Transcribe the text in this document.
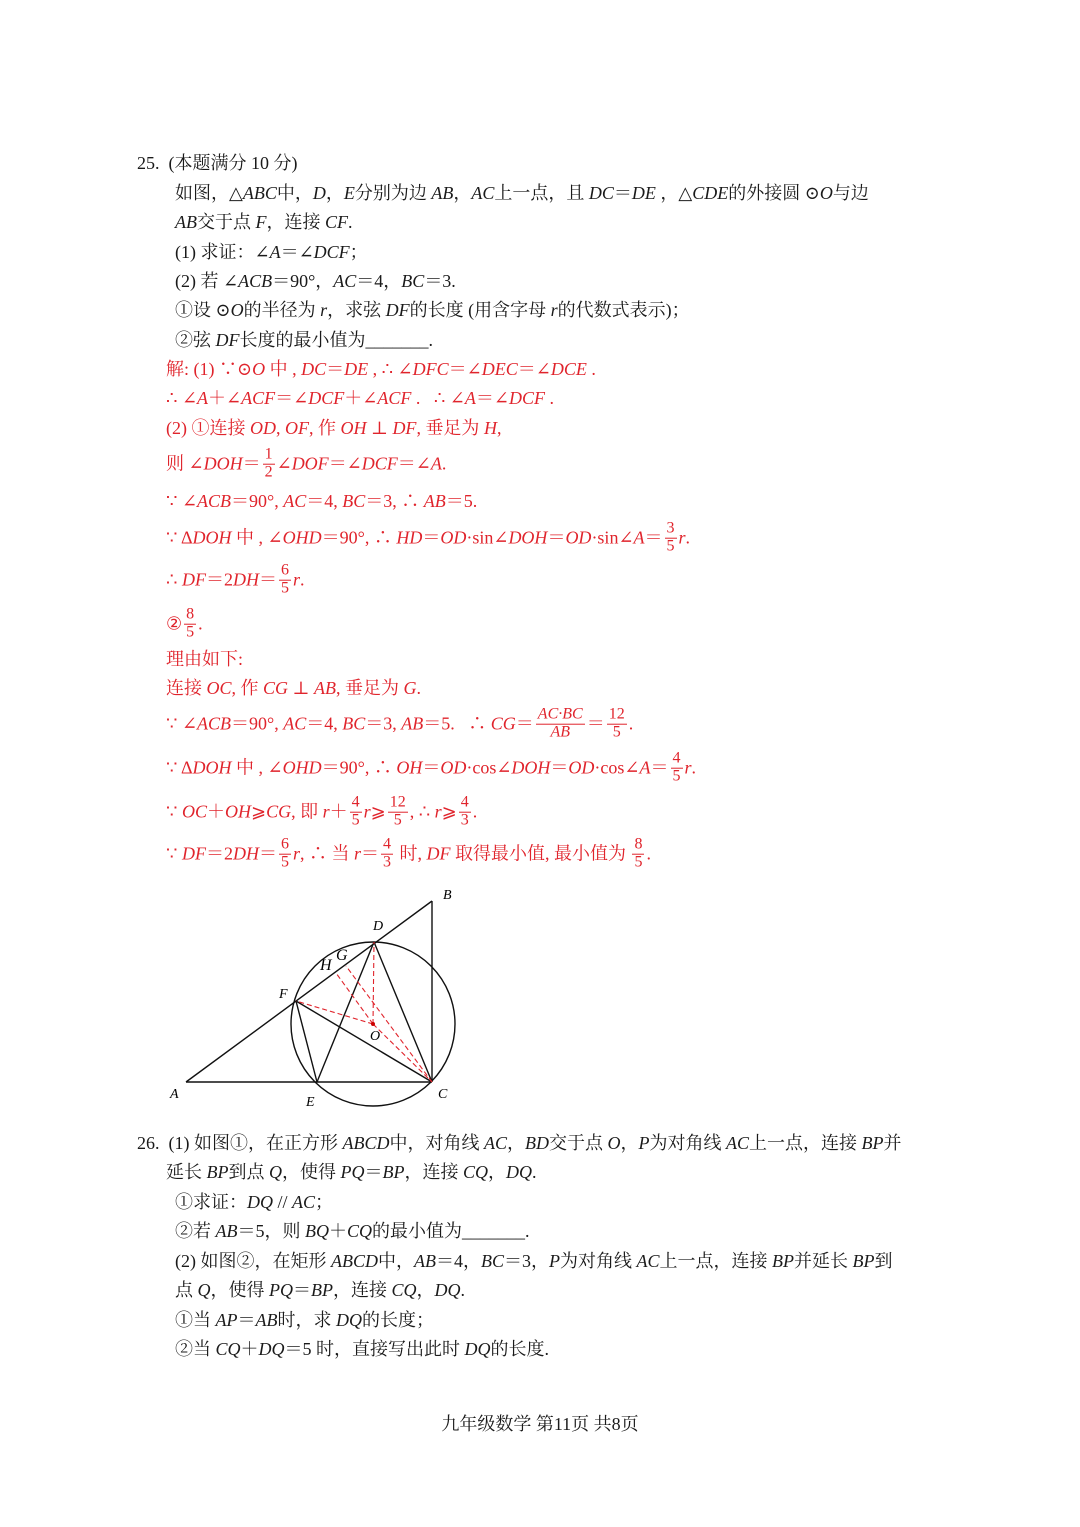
25. (本题满分 10 分)
如图，△ ABC 中， D ， E 分别为边 AB ， AC 上一点，且 DC ＝ DE ，△ CDE 的外接圆 ⊙ O 与边
AB 交于点 F ，连接 CF .
(1) 求证：∠ A ＝∠ DCF ；
(2) 若 ∠ ACB ＝90°， AC ＝4， BC ＝3.
①设 ⊙ O 的半径为 r ，求弦 DF 的长度 (用含字母 r 的代数式表示)；
②弦 DF 长度的最小值为 _______ .
解: (1) ∵⊙ O 中 , DC ＝ DE , ∴ ∠ DFC ＝∠ DEC ＝∠ DCE .
∴ ∠ A ＋∠ ACF ＝∠ DCF ＋∠ ACF .   ∴ ∠ A ＝∠ DCF .
(2) ①连接 OD , OF , 作 OH ⊥ DF , 垂足为 H ,
则 ∠ DOH ＝ $\frac{1}{2}$ ∠ DOF ＝∠ DCF ＝∠ A .
∵ ∠ ACB ＝90°, AC ＝4, BC ＝3, ∴ AB ＝5.
∵ Δ DOH 中 , ∠ OHD ＝90°, ∴ HD ＝ OD ·sin∠ DOH ＝ OD ·sin∠ $A = \frac{3}{5}$ r .
∴ DF ＝2 DH ＝ $\frac{6}{5}$ r .
② $\frac{8}{5}$ .
理由如下:
连接 OC , 作 CG ⊥ AB , 垂足为 G .
∵ ∠ ACB ＝90°, AC ＝4, BC ＝3, AB ＝5.   ∴ CG ＝ $\frac{AC\cdot BC}{AB} = \frac{12}{5}$ .
∵ Δ DOH 中 , ∠ OHD ＝90°, ∴ OH ＝ OD ·cos∠ DOH ＝ OD ·cos∠ $A = \frac{4}{5}$ r .
∵ OC ＋ OH ⩾ CG , 即 $r + \frac{4}{5}$ r ⩾ $\frac{12}{5}$ , ∴ r ⩾ $\frac{4}{3}$ .
∵ DF ＝2 DH ＝ $\frac{6}{5}$ r , ∴ 当 $r = \frac{4}{3}$ 时, DF 取得最小值, 最小值为 $\frac{8}{5}$ .
26. (1) 如图①，在正方形 ABCD 中，对角线 AC ， BD 交于点 O ， P 为对角线 AC 上一点，连接 BP 并
延长 BP 到点 Q ，使得 PQ ＝ BP ，连接 CQ ， DQ .
①求证： DQ // AC ；
②若 AB ＝5，则 BQ ＋ CQ 的最小值为 _______ .
(2) 如图②，在矩形 ABCD 中， AB ＝4， BC ＝3， P 为对角线 AC 上一点，连接 BP 并延长 BP 到
点 Q ，使得 PQ ＝ BP ，连接 CQ ， DQ .
①当 AP ＝ AB 时，求 DQ 的长度；
②当 CQ ＋ DQ ＝5 时，直接写出此时 DQ 的长度.
A
B
C
D
E
F
G
H
O
九年级数学 第11页 共8页
